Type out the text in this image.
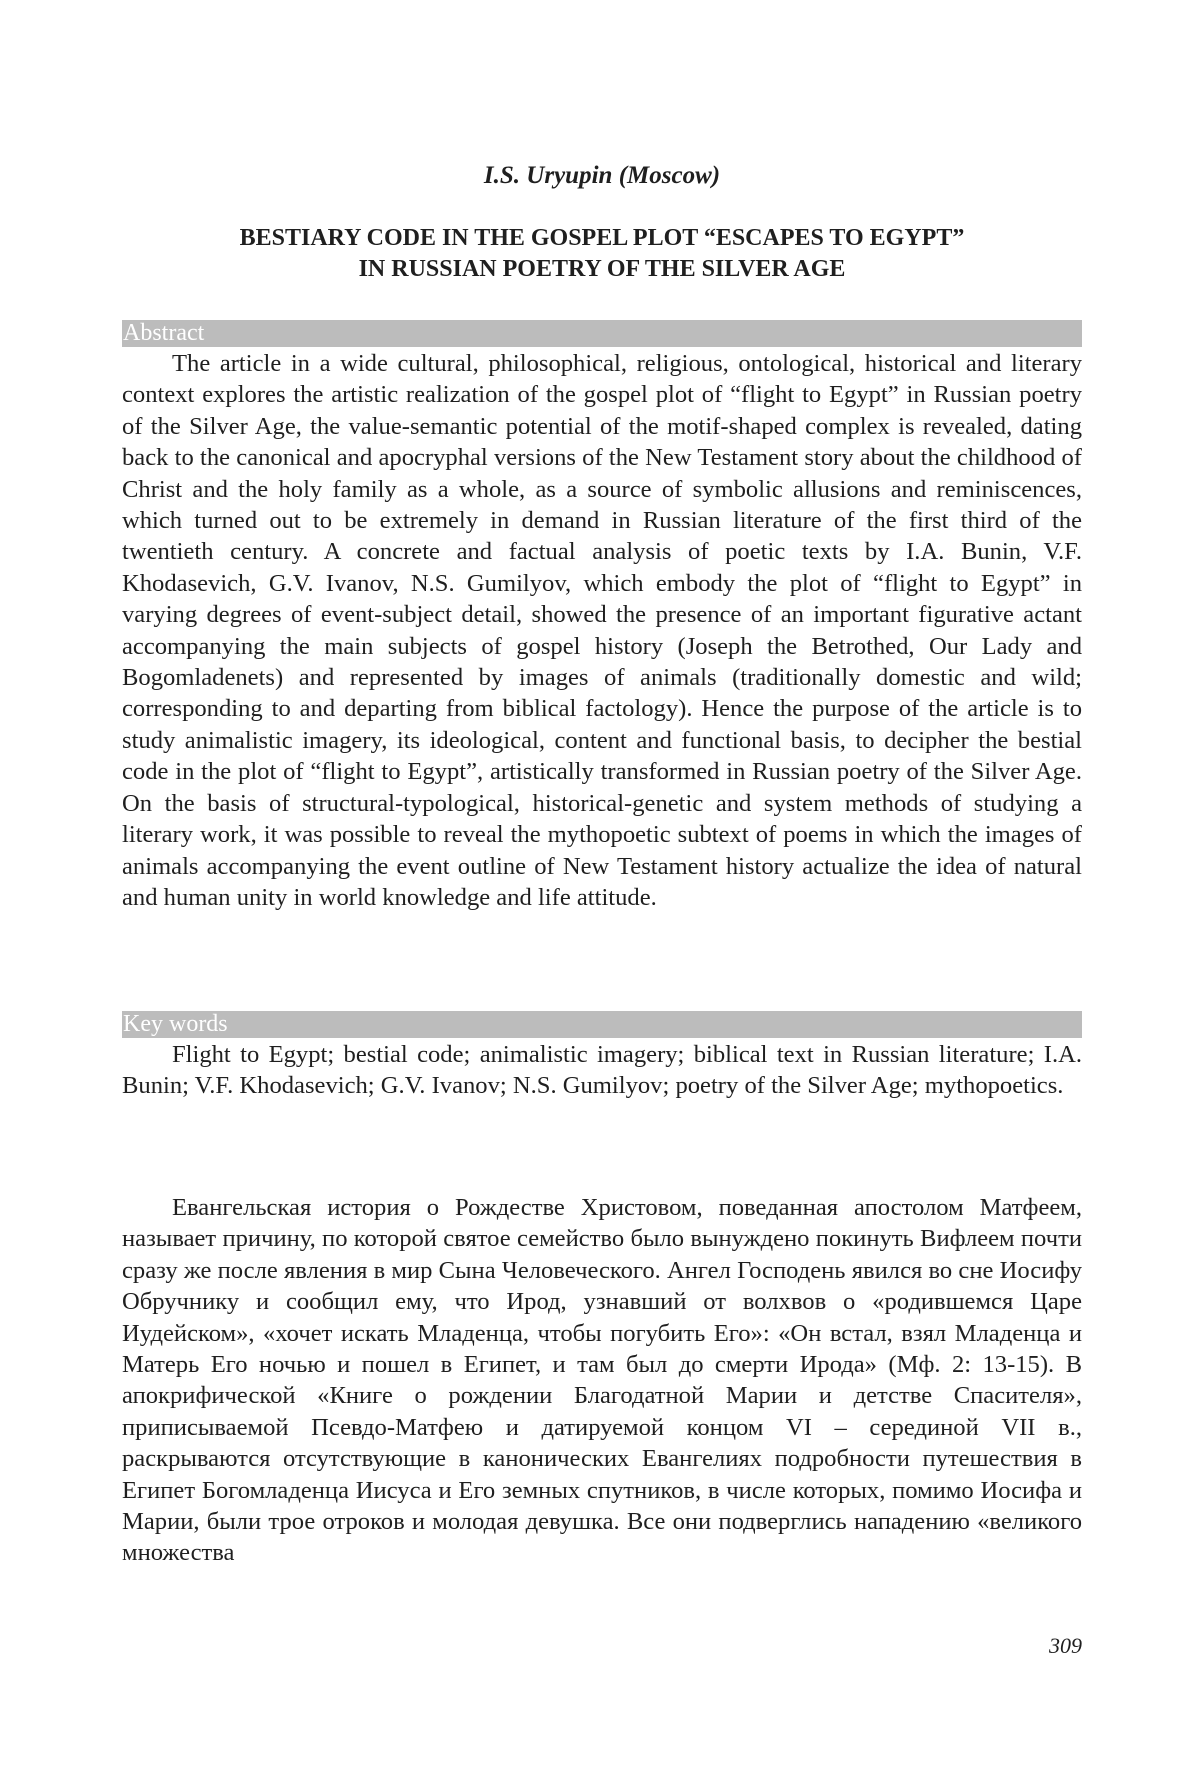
I.S. Uryupin (Moscow)
BESTIARY CODE IN THE GOSPEL PLOT “ESCAPES TO EGYPT”
IN RUSSIAN POETRY OF THE SILVER AGE
Abstract

The article in a wide cultural, philosophical, religious, ontological, historical and literary context explores the artistic realization of the gospel plot of “flight to Egypt” in Russian poetry of the Silver Age, the value-semantic potential of the motif-shaped complex is revealed, dating back to the canonical and apocryphal versions of the New Testament story about the childhood of Christ and the holy family as a whole, as a source of symbolic allusions and reminiscences, which turned out to be extremely in demand in Russian literature of the first third of the twentieth century. A concrete and factual analysis of poetic texts by I.A. Bunin, V.F. Khodasevich, G.V. Ivanov, N.S. Gumilyov, which embody the plot of “flight to Egypt” in varying degrees of event-subject detail, showed the presence of an important figurative actant accompanying the main subjects of gospel history (Joseph the Betrothed, Our Lady and Bogomladenets) and represented by images of animals (traditionally domestic and wild; corresponding to and departing from biblical factology). Hence the purpose of the article is to study animalistic imagery, its ideological, content and functional basis, to decipher the bestial code in the plot of “flight to Egypt”, artistically transformed in Russian poetry of the Silver Age. On the basis of structural-typological, historical-genetic and system methods of studying a literary work, it was possible to reveal the mythopoetic subtext of poems in which the images of animals accompanying the event outline of New Testament history actualize the idea of natural and human unity in world knowledge and life attitude.

Key words

Flight to Egypt; bestial code; animalistic imagery; biblical text in Russian literature; I.A. Bunin; V.F. Khodasevich; G.V. Ivanov; N.S. Gumilyov; poetry of the Silver Age; mythopoetics.

Евангельская история о Рождестве Христовом, поведанная апостолом Матфеем, называет причину, по которой святое семейство было вынуждено покинуть Вифлеем почти сразу же после явления в мир Сына Человеческого. Ангел Господень явился во сне Иосифу Обручнику и сообщил ему, что Ирод, узнавший от волхвов о «родившемся Царе Иудейском», «хочет искать Младенца, чтобы погубить Его»: «Он встал, взял Младенца и Матерь Его ночью и пошел в Египет, и там был до смерти Ирода» (Мф. 2: 13-15). В апокрифической «Книге о рождении Благодатной Марии и детстве Спасителя», приписываемой Псевдо-Матфею и датируемой концом VI – серединой VII в., раскрываются отсутствующие в канонических Евангелиях подробности путешествия в Египет Богомладенца Иисуса и Его земных спутников, в числе которых, помимо Иосифа и Марии, были трое отроков и молодая девушка. Все они подверглись нападению «великого множества

309
